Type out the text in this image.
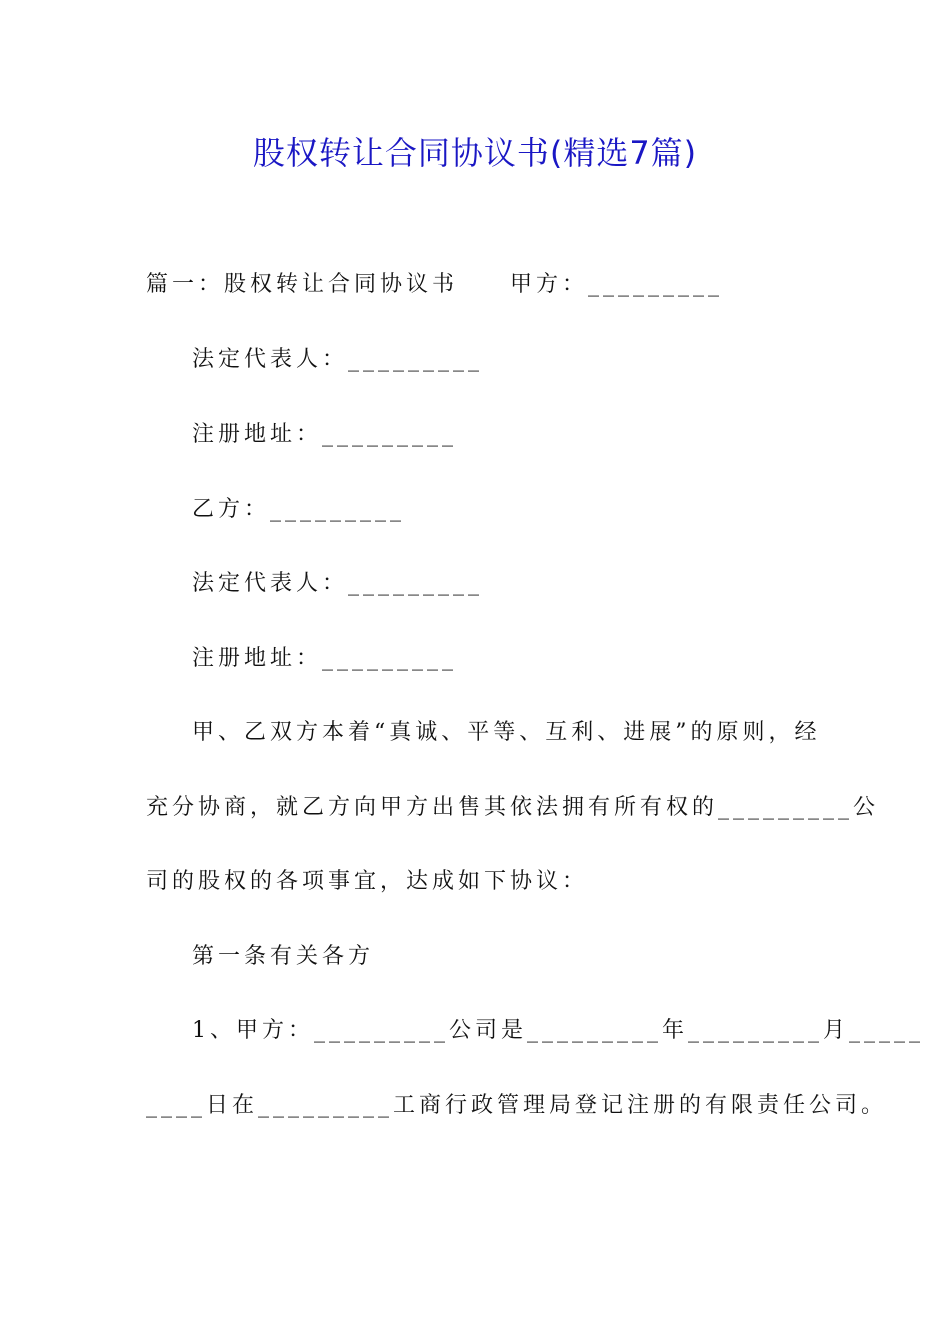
股权转让合同协议书(精选7篇)
篇一：股权转让合同协议书 甲方：_________
法定代表人：_________
注册地址：_________
乙方：_________
法定代表人：_________
注册地址：_________
甲、乙双方本着“真诚、平等、互利、进展”的原则，经
充分协商，就乙方向甲方出售其依法拥有所有权的_________公
司的股权的各项事宜，达成如下协议：
第一条有关各方
1、甲方：_________公司是_________年_________月_____
____日在_________工商行政管理局登记注册的有限责任公司。
